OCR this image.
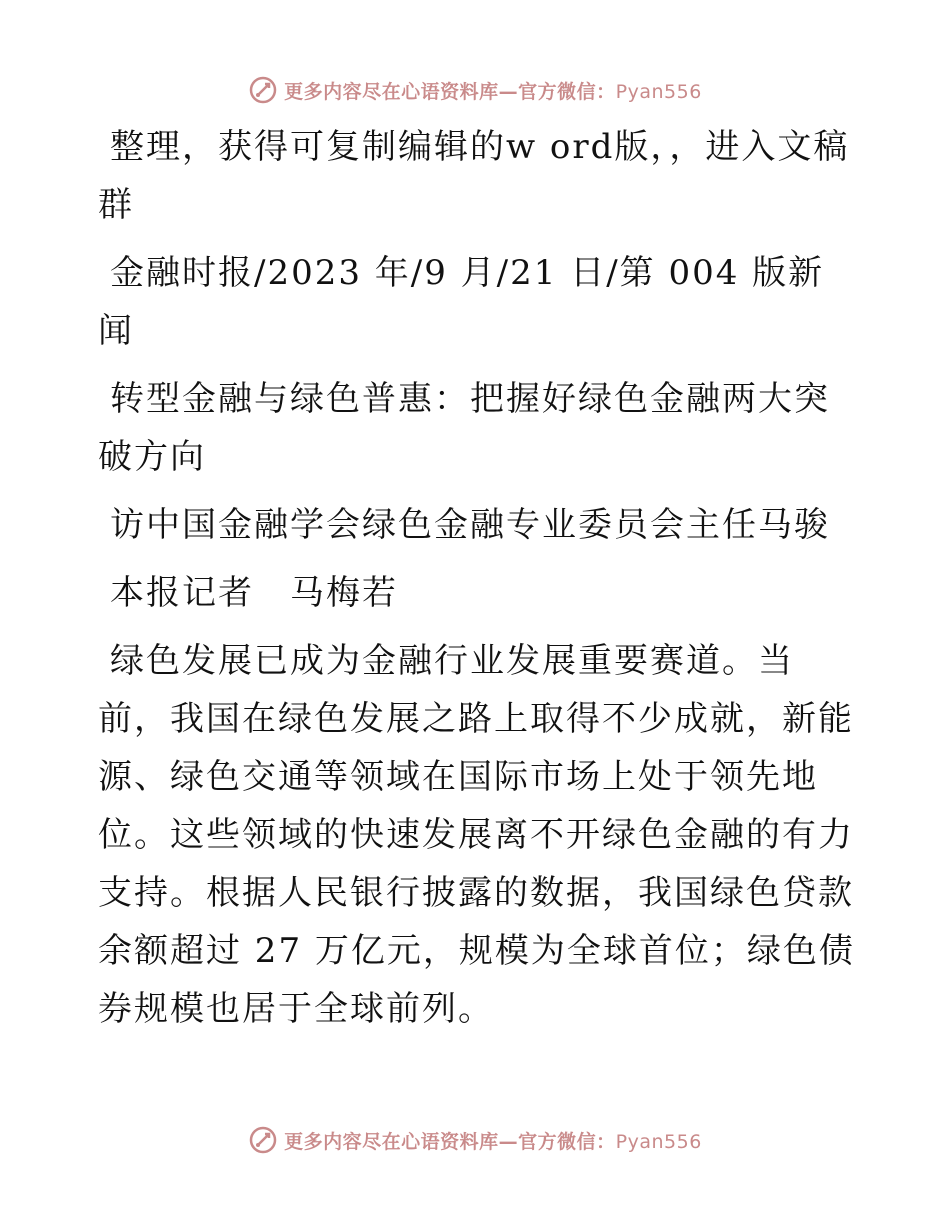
更多内容尽在心语资料库—官方微信：Pyan556

整理，获得可复制编辑的w ord版，，进入文稿群

金融时报/2023 年/9 月/21 日/第 004 版新闻

转型金融与绿色普惠：把握好绿色金融两大突破方向

访中国金融学会绿色金融专业委员会主任马骏

本报记者　马梅若

绿色发展已成为金融行业发展重要赛道。当前，我国在绿色发展之路上取得不少成就，新能源、绿色交通等领域在国际市场上处于领先地位。这些领域的快速发展离不开绿色金融的有力支持。根据人民银行披露的数据，我国绿色贷款余额超过 27 万亿元，规模为全球首位；绿色债券规模也居于全球前列。

更多内容尽在心语资料库—官方微信：Pyan556
